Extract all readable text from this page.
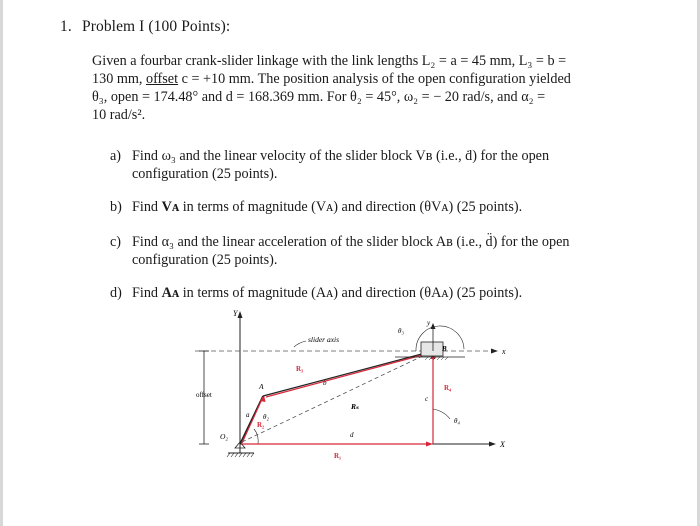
1. Problem I (100 Points):

Given a fourbar crank-slider linkage with the link lengths L₂ = a = 45 mm, L₃ = b =

130 mm, offset c = +10 mm. The position analysis of the open configuration yielded

θ₃, open = 174.48° and d = 168.369 mm. For θ₂ = 45°, ω₂ = − 20 rad/s, and α₂ =

10 rad/s².

a) Find ω₃ and the linear velocity of the slider block Vʙ (i.e., ḋ) for the open
configuration (25 points).
b) Find Vᴀ in terms of magnitude (Vᴀ) and direction (θVᴀ) (25 points).
c) Find α₃ and the linear acceleration of the slider block Aʙ (i.e., d̈) for the open
configuration (25 points).
d) Find Aᴀ in terms of magnitude (Aᴀ) and direction (θAᴀ) (25 points).
Y
x
slider axis
offset
X
O₂
a
A
R₂
θ₂
b
R₃
Rₛ
R₄
c
θ₄
R₁
d
B
y
θ₃
